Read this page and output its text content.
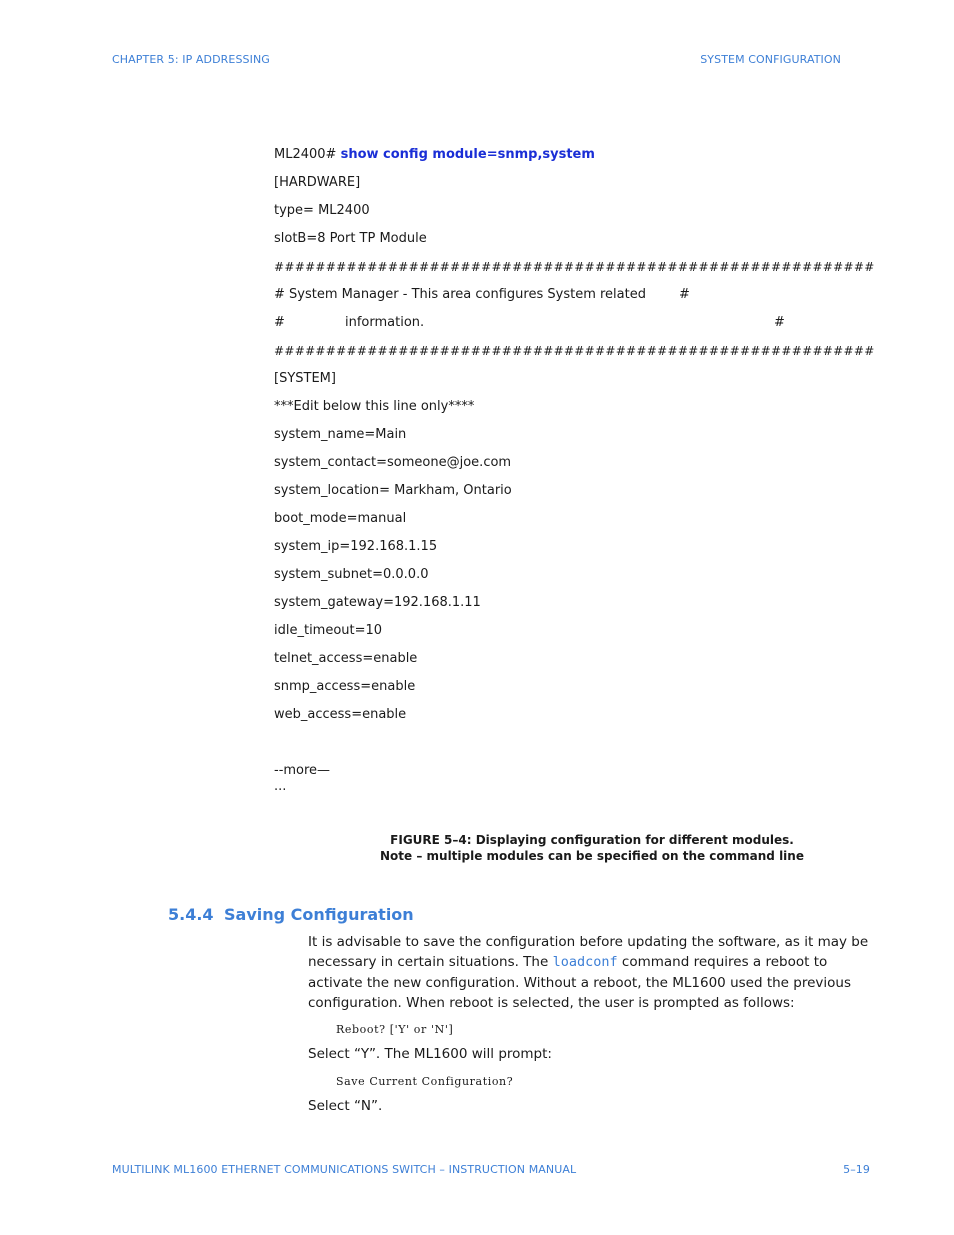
CHAPTER 5: IP ADDRESSING	SYSTEM CONFIGURATION
ML2400# show config module=snmp,system
[HARDWARE]
type= ML2400
slotB=8 Port TP Module
##########################################################

# System Manager - This area configures System related

	#

#

	information.

	#

##########################################################
[SYSTEM]
***Edit below this line only****
system_name=Main
system_contact=someone@joe.com
system_location= Markham, Ontario
boot_mode=manual
system_ip=192.168.1.15
system_subnet=0.0.0.0
system_gateway=192.168.1.11
idle_timeout=10
telnet_access=enable
snmp_access=enable
web_access=enable
--more—
...
FIGURE 5–4: Displaying configuration for different modules.
Note – multiple modules can be specified on the command line
5.4.4 Saving Configuration
It is advisable to save the configuration before updating the software, as it may be necessary in certain situations. The loadconf command requires a reboot to activate the new configuration. Without a reboot, the ML1600 used the previous configuration. When reboot is selected, the user is prompted as follows:
Reboot? ['Y' or 'N']
Select “Y”. The ML1600 will prompt:
Save Current Configuration?
Select “N”.
MULTILINK ML1600 ETHERNET COMMUNICATIONS SWITCH – INSTRUCTION MANUAL	5–19
